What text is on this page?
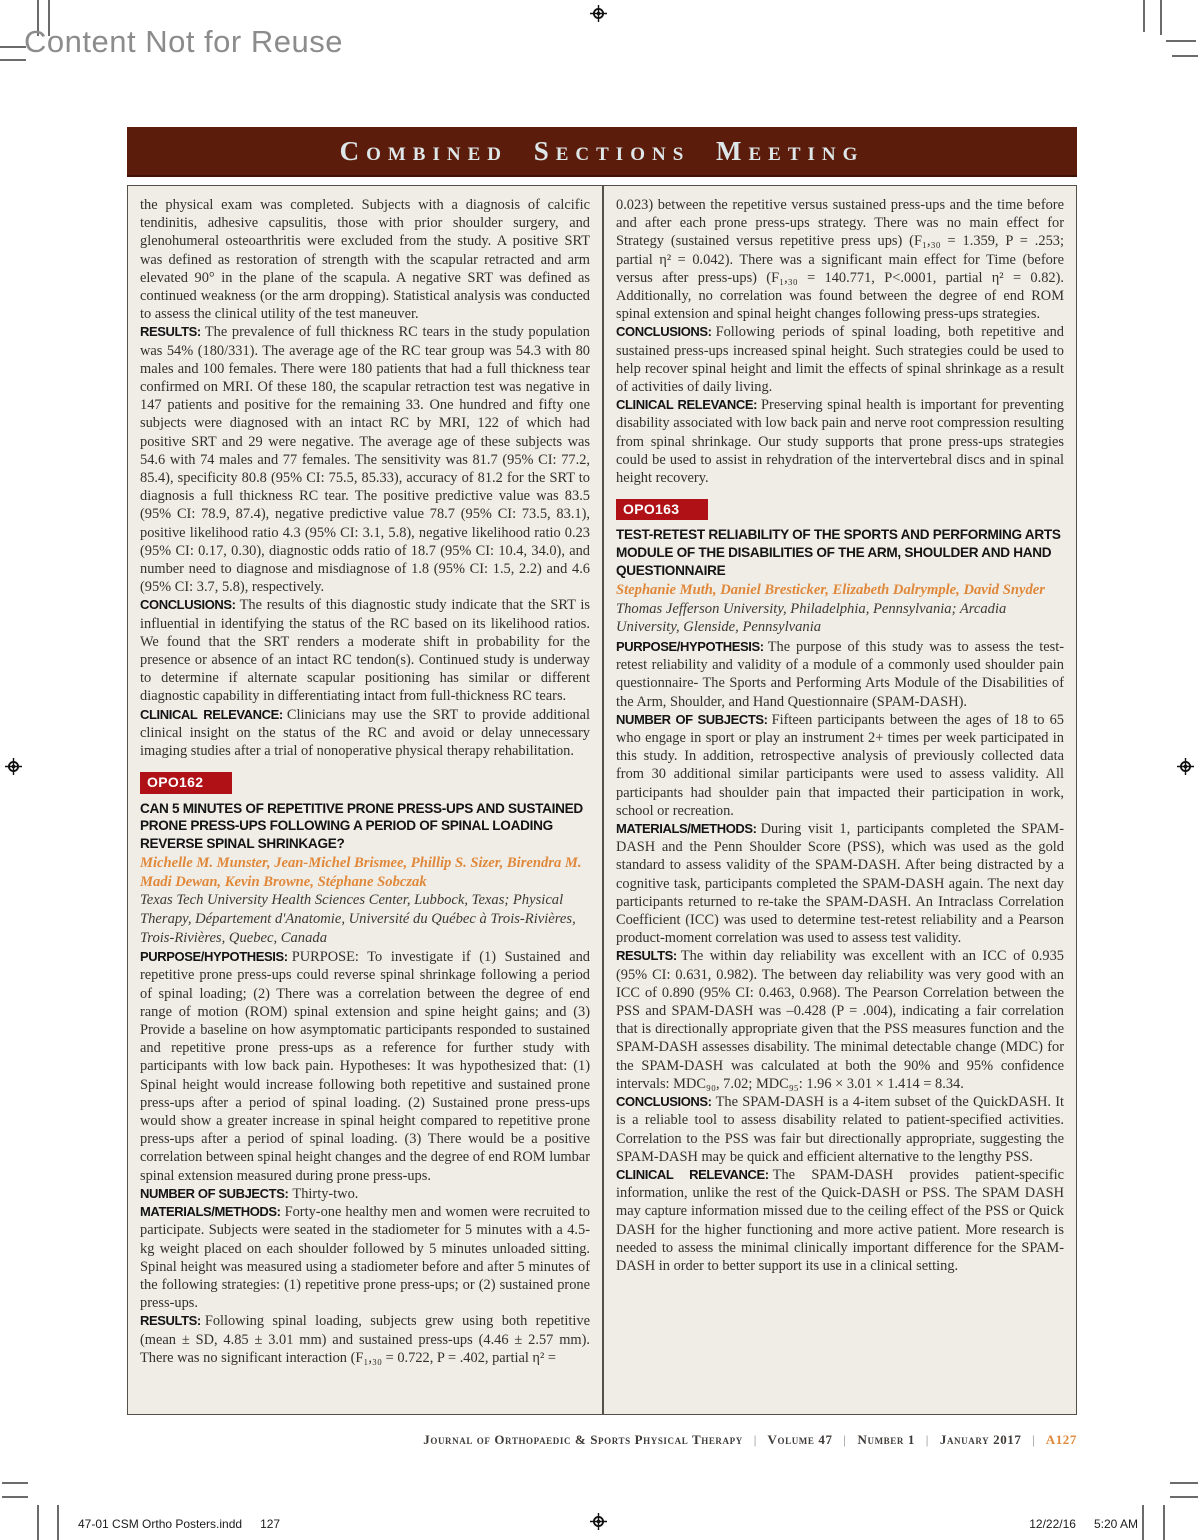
Content Not for Reuse
Combined Sections Meeting

the physical exam was completed. Subjects with a diagnosis of calcific tendinitis, adhesive capsulitis, those with prior shoulder surgery, and glenohumeral osteoarthritis were excluded from the study. A positive SRT was defined as restoration of strength with the scapular retracted and arm elevated 90° in the plane of the scapula. A negative SRT was defined as continued weakness (or the arm dropping). Statistical analysis was conducted to assess the clinical utility of the test maneuver.

RESULTS: The prevalence of full thickness RC tears in the study population was 54% (180/331). The average age of the RC tear group was 54.3 with 80 males and 100 females. There were 180 patients that had a full thickness tear confirmed on MRI. Of these 180, the scapular retraction test was negative in 147 patients and positive for the remaining 33. One hundred and fifty one subjects were diagnosed with an intact RC by MRI, 122 of which had positive SRT and 29 were negative. The average age of these subjects was 54.6 with 74 males and 77 females. The sensitivity was 81.7 (95% CI: 77.2, 85.4), specificity 80.8 (95% CI: 75.5, 85.33), accuracy of 81.2 for the SRT to diagnosis a full thickness RC tear. The positive predictive value was 83.5 (95% CI: 78.9, 87.4), negative predictive value 78.7 (95% CI: 73.5, 83.1), positive likelihood ratio 4.3 (95% CI: 3.1, 5.8), negative likelihood ratio 0.23 (95% CI: 0.17, 0.30), diagnostic odds ratio of 18.7 (95% CI: 10.4, 34.0), and number need to diagnose and misdiagnose of 1.8 (95% CI: 1.5, 2.2) and 4.6 (95% CI: 3.7, 5.8), respectively.

CONCLUSIONS: The results of this diagnostic study indicate that the SRT is influential in identifying the status of the RC based on its likelihood ratios. We found that the SRT renders a moderate shift in probability for the presence or absence of an intact RC tendon(s). Continued study is underway to determine if alternate scapular positioning has similar or different diagnostic capability in differentiating intact from full-thickness RC tears.

CLINICAL RELEVANCE: Clinicians may use the SRT to provide additional clinical insight on the status of the RC and avoid or delay unnecessary imaging studies after a trial of nonoperative physical therapy rehabilitation.

OPO162
CAN 5 MINUTES OF REPETITIVE PRONE PRESS-UPS AND SUSTAINED PRONE PRESS-UPS FOLLOWING A PERIOD OF SPINAL LOADING REVERSE SPINAL SHRINKAGE?
Michelle M. Munster, Jean-Michel Brismee, Phillip S. Sizer, Birendra M. Madi Dewan, Kevin Browne, Stéphane Sobczak
Texas Tech University Health Sciences Center, Lubbock, Texas; Physical Therapy, Département d'Anatomie, Université du Québec à Trois-Rivières, Trois-Rivières, Quebec, Canada

PURPOSE/HYPOTHESIS: PURPOSE: To investigate if (1) Sustained and repetitive prone press-ups could reverse spinal shrinkage following a period of spinal loading; (2) There was a correlation between the degree of end range of motion (ROM) spinal extension and spine height gains; and (3) Provide a baseline on how asymptomatic participants responded to sustained and repetitive prone press-ups as a reference for further study with participants with low back pain. Hypotheses: It was hypothesized that: (1) Spinal height would increase following both repetitive and sustained prone press-ups after a period of spinal loading. (2) Sustained prone press-ups would show a greater increase in spinal height compared to repetitive prone press-ups after a period of spinal loading. (3) There would be a positive correlation between spinal height changes and the degree of end ROM lumbar spinal extension measured during prone press-ups.

NUMBER OF SUBJECTS: Thirty-two.

MATERIALS/METHODS: Forty-one healthy men and women were recruited to participate. Subjects were seated in the stadiometer for 5 minutes with a 4.5-kg weight placed on each shoulder followed by 5 minutes unloaded sitting. Spinal height was measured using a stadiometer before and after 5 minutes of the following strategies: (1) repetitive prone press-ups; or (2) sustained prone press-ups.

RESULTS: Following spinal loading, subjects grew using both repetitive (mean ± SD, 4.85 ± 3.01 mm) and sustained press-ups (4.46 ± 2.57 mm). There was no significant interaction (F₁,₃₀ = 0.722, P = .402, partial η² =

0.023) between the repetitive versus sustained press-ups and the time before and after each prone press-ups strategy. There was no main effect for Strategy (sustained versus repetitive press ups) (F₁,₃₀ = 1.359, P = .253; partial η² = 0.042). There was a significant main effect for Time (before versus after press-ups) (F₁,₃₀ = 140.771, P<.0001, partial η² = 0.82). Additionally, no correlation was found between the degree of end ROM spinal extension and spinal height changes following press-ups strategies.

CONCLUSIONS: Following periods of spinal loading, both repetitive and sustained press-ups increased spinal height. Such strategies could be used to help recover spinal height and limit the effects of spinal shrinkage as a result of activities of daily living.

CLINICAL RELEVANCE: Preserving spinal health is important for preventing disability associated with low back pain and nerve root compression resulting from spinal shrinkage. Our study supports that prone press-ups strategies could be used to assist in rehydration of the intervertebral discs and in spinal height recovery.

OPO163
TEST-RETEST RELIABILITY OF THE SPORTS AND PERFORMING ARTS MODULE OF THE DISABILITIES OF THE ARM, SHOULDER AND HAND QUESTIONNAIRE
Stephanie Muth, Daniel Bresticker, Elizabeth Dalrymple, David Snyder
Thomas Jefferson University, Philadelphia, Pennsylvania; Arcadia University, Glenside, Pennsylvania

PURPOSE/HYPOTHESIS: The purpose of this study was to assess the test-retest reliability and validity of a module of a commonly used shoulder pain questionnaire- The Sports and Performing Arts Module of the Disabilities of the Arm, Shoulder, and Hand Questionnaire (SPAM-DASH).

NUMBER OF SUBJECTS: Fifteen participants between the ages of 18 to 65 who engage in sport or play an instrument 2+ times per week participated in this study. In addition, retrospective analysis of previously collected data from 30 additional similar participants were used to assess validity. All participants had shoulder pain that impacted their participation in work, school or recreation.

MATERIALS/METHODS: During visit 1, participants completed the SPAM-DASH and the Penn Shoulder Score (PSS), which was used as the gold standard to assess validity of the SPAM-DASH. After being distracted by a cognitive task, participants completed the SPAM-DASH again. The next day participants returned to re-take the SPAM-DASH. An Intraclass Correlation Coefficient (ICC) was used to determine test-retest reliability and a Pearson product-moment correlation was used to assess test validity.

RESULTS: The within day reliability was excellent with an ICC of 0.935 (95% CI: 0.631, 0.982). The between day reliability was very good with an ICC of 0.890 (95% CI: 0.463, 0.968). The Pearson Correlation between the PSS and SPAM-DASH was –0.428 (P = .004), indicating a fair correlation that is directionally appropriate given that the PSS measures function and the SPAM-DASH assesses disability. The minimal detectable change (MDC) for the SPAM-DASH was calculated at both the 90% and 95% confidence intervals: MDC₉₀, 7.02; MDC₉₅: 1.96 × 3.01 × 1.414 = 8.34.

CONCLUSIONS: The SPAM-DASH is a 4-item subset of the QuickDASH. It is a reliable tool to assess disability related to patient-specified activities. Correlation to the PSS was fair but directionally appropriate, suggesting the SPAM-DASH may be quick and efficient alternative to the lengthy PSS.

CLINICAL RELEVANCE: The SPAM-DASH provides patient-specific information, unlike the rest of the Quick-DASH or PSS. The SPAM DASH may capture information missed due to the ceiling effect of the PSS or Quick DASH for the higher functioning and more active patient. More research is needed to assess the minimal clinically important difference for the SPAM-DASH in order to better support its use in a clinical setting.

Journal of Orthopaedic & Sports Physical Therapy | Volume 47 | Number 1 | January 2017 | A127
47-01 CSM Ortho Posters.indd 127	12/22/16 5:20 AM
